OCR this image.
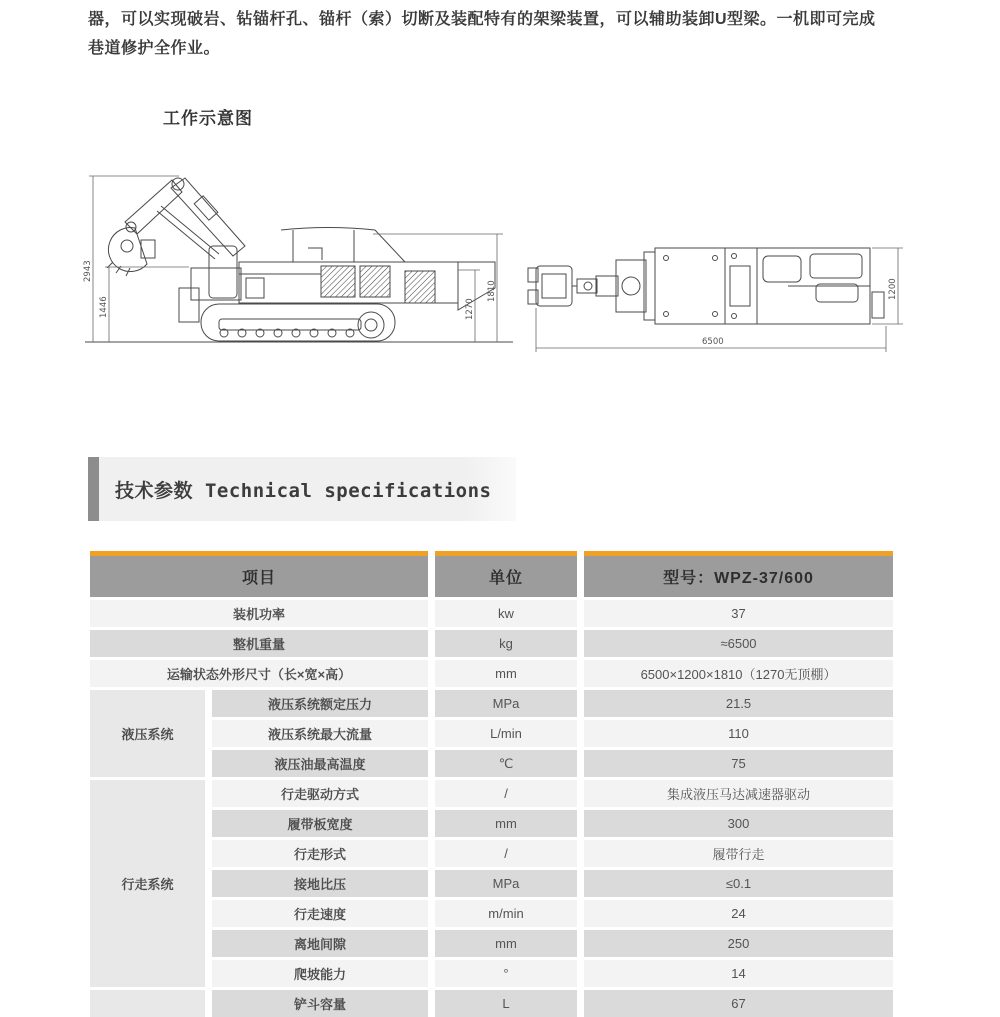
器，可以实现破岩、钻锚杆孔、锚杆（索）切断及装配特有的架梁装置，可以辅助装卸U型梁。一机即可完成
巷道修护全作业。
工作示意图
2943
1446	1270
1810	1200
6500
技术参数 Technical specifications
项目	单位	型号：WPZ-37/600
装机功率	kw	37
整机重量	kg	≈6500
运输状态外形尺寸（长×宽×高）	mm	6500×1200×1810（1270无顶棚）
液压系统
液压系统额定压力	MPa	21.5
液压系统最大流量	L/min	110
液压油最高温度	℃	75
行走系统
行走驱动方式	/	集成液压马达减速器驱动
履带板宽度	mm	300
行走形式	/	履带行走
接地比压	MPa	≤0.1
行走速度	m/min	24
离地间隙	mm	250
爬坡能力	°	14
铲斗容量	L	67
